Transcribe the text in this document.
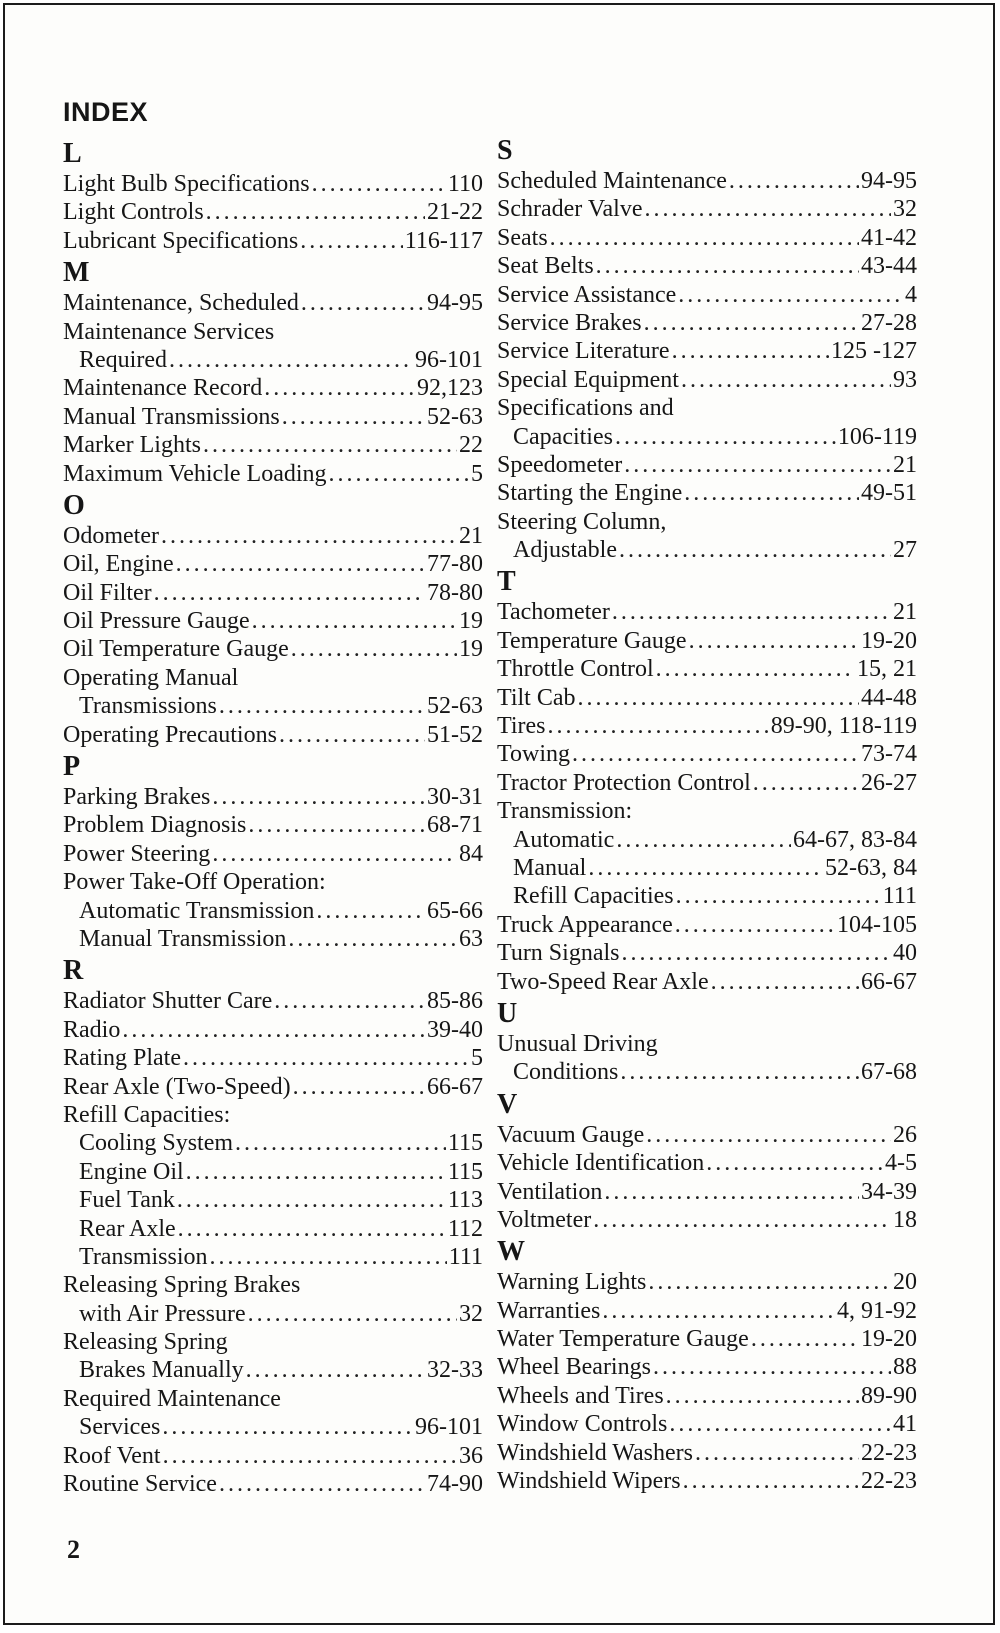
INDEX
L
Light Bulb Specifications .....	110
Light Controls .....	21-22
Lubricant Specifications .....	116-117
M
Maintenance, Scheduled .....	94-95
Maintenance Services
Required .....	96-101
Maintenance Record .....	92,123
Manual Transmissions .....	52-63
Marker Lights .....	22
Maximum Vehicle Loading .....	5
O
Odometer .....	21
Oil, Engine .....	77-80
Oil Filter .....	78-80
Oil Pressure Gauge .....	19
Oil Temperature Gauge .....	19
Operating Manual
Transmissions .....	52-63
Operating Precautions .....	51-52
P
Parking Brakes .....	30-31
Problem Diagnosis .....	68-71
Power Steering .....	84
Power Take-Off Operation:
Automatic Transmission .....	65-66
Manual Transmission .....	63
R
Radiator Shutter Care .....	85-86
Radio .....	39-40
Rating Plate .....	5
Rear Axle (Two-Speed) .....	66-67
Refill Capacities:
Cooling System .....	115
Engine Oil .....	115
Fuel Tank .....	113
Rear Axle .....	112
Transmission .....	111
Releasing Spring Brakes
with Air Pressure .....	32
Releasing Spring
Brakes Manually .....	32-33
Required Maintenance
Services .....	96-101
Roof Vent .....	36
Routine Service .....	74-90
S
Scheduled Maintenance .....	94-95
Schrader Valve .....	32
Seats .....	41-42
Seat Belts .....	43-44
Service Assistance .....	4
Service Brakes .....	27-28
Service Literature .....	125 -127
Special Equipment .....	93
Specifications and
Capacities .....	106-119
Speedometer .....	21
Starting the Engine .....	49-51
Steering Column,
Adjustable .....	27
T
Tachometer .....	21
Temperature Gauge .....	19-20
Throttle Control .....	15, 21
Tilt Cab .....	44-48
Tires .....	89-90, 118-119
Towing .....	73-74
Tractor Protection Control .....	26-27
Transmission:
Automatic .....	64-67, 83-84
Manual .....	52-63, 84
Refill Capacities .....	111
Truck Appearance .....	104-105
Turn Signals .....	40
Two-Speed Rear Axle .....	66-67
U
Unusual Driving
Conditions .....	67-68
V
Vacuum Gauge .....	26
Vehicle Identification .....	4-5
Ventilation .....	34-39
Voltmeter .....	18
W
Warning Lights .....	20
Warranties .....	4, 91-92
Water Temperature Gauge .....	19-20
Wheel Bearings .....	88
Wheels and Tires .....	89-90
Window Controls .....	41
Windshield Washers .....	22-23
Windshield Wipers .....	22-23
2
